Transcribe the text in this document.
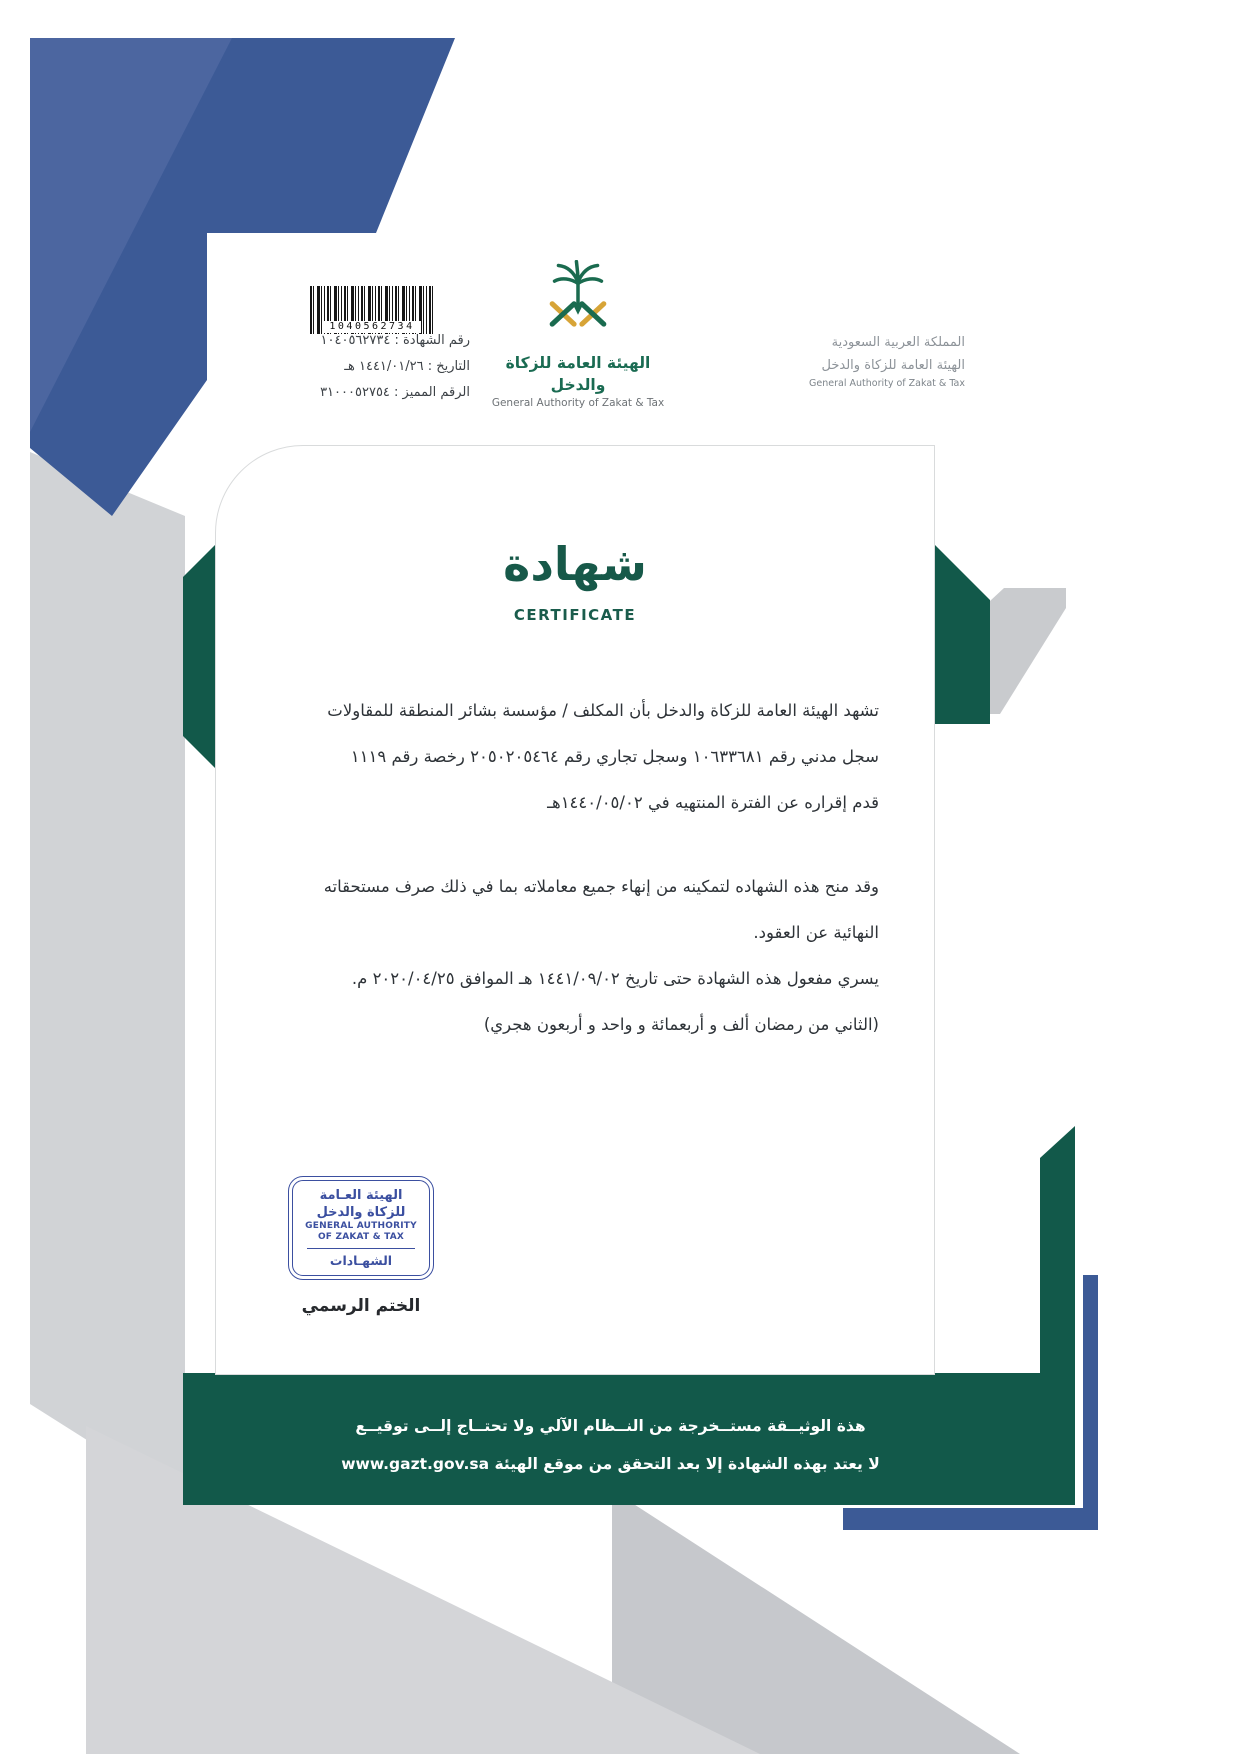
1040562734
رقم الشهادة : ١٠٤٠٥٦٢٧٣٤
التاريخ : ١٤٤١/٠١/٢٦ هـ
الرقم المميز : ٣١٠٠٠٥٢٧٥٤
الهيئة العامة للزكاة والدخل
General Authority of Zakat & Tax
المملكة العربية السعودية
الهيئة العامة للزكاة والدخل
General Authority of Zakat & Tax
شهادة
CERTIFICATE
تشهد الهيئة العامة للزكاة والدخل بأن المكلف / مؤسسة بشائر المنطقة للمقاولات
سجل مدني رقم ١٠٦٣٣٦٨١ وسجل تجاري رقم ٢٠٥٠٢٠٥٤٦٤ رخصة رقم ١١١٩
قدم إقراره عن الفترة المنتهيه في ١٤٤٠/٠٥/٠٢هـ
وقد منح هذه الشهاده لتمكينه من إنهاء جميع معاملاته بما في ذلك صرف مستحقاته
النهائية عن العقود.
يسري مفعول هذه الشهادة حتى تاريخ ١٤٤١/٠٩/٠٢ هـ الموافق ٢٠٢٠/٠٤/٢٥ م.
(الثاني من رمضان ألف و أربعمائة و واحد و أربعون هجري)
الهيئة العـامة
للزكاة والدخل
GENERAL AUTHORITY
OF ZAKAT & TAX
الشهـادات
الختم الرسمي
هذة الوثيــقة مستــخرجة من النــظام الآلي ولا تحتــاج إلــى توقيــع
لا يعتد بهذه الشهادة إلا بعد التحقق من موقع الهيئة www.gazt.gov.sa
